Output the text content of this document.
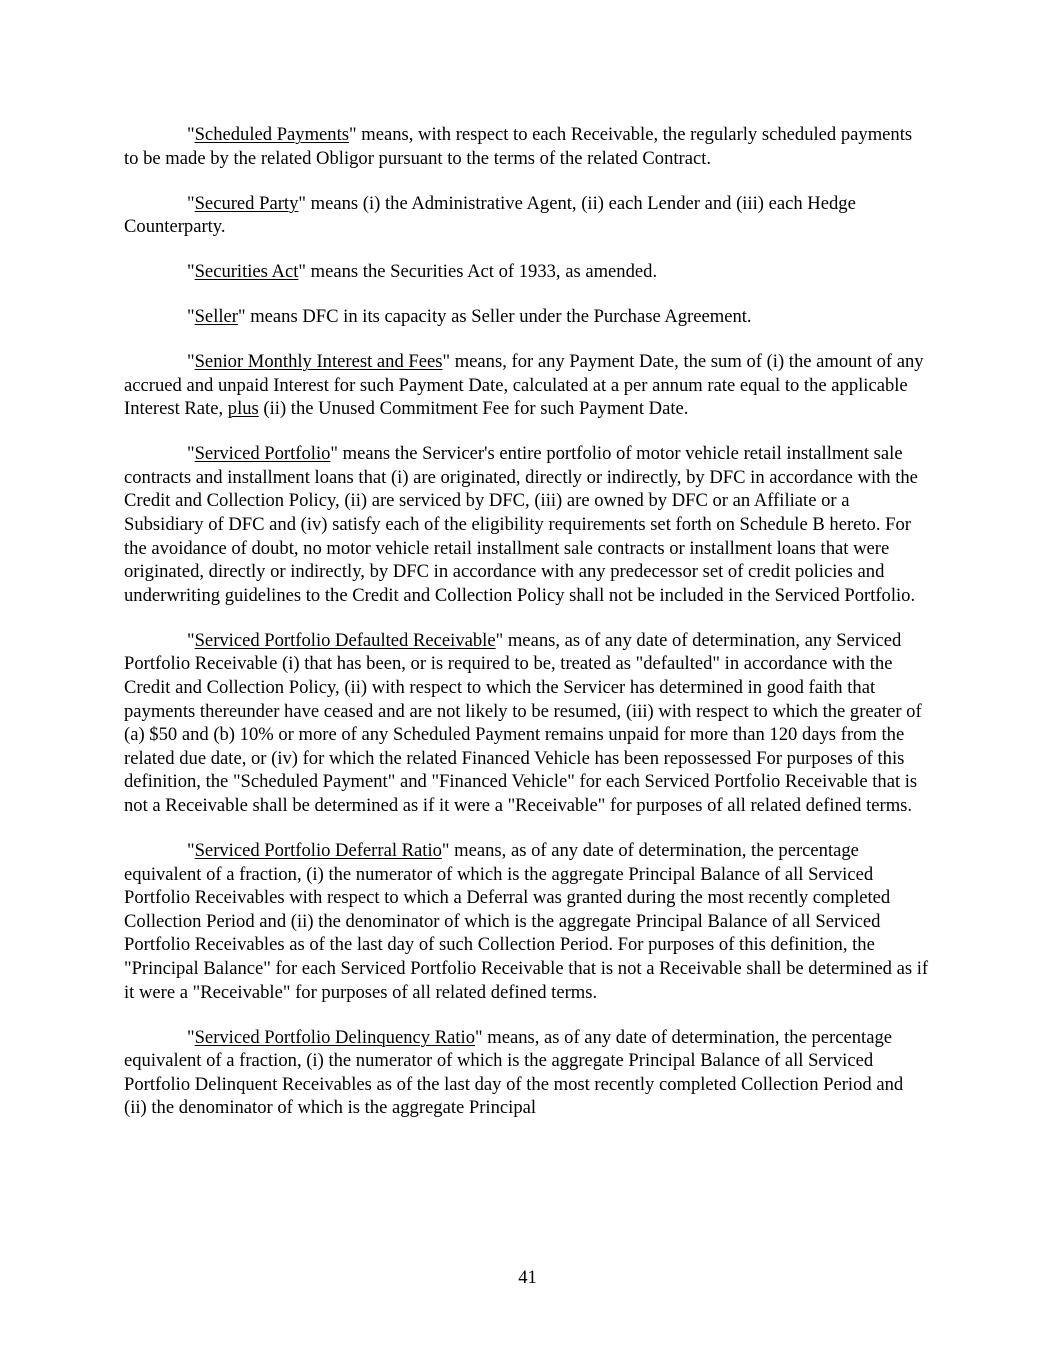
"Scheduled Payments" means, with respect to each Receivable, the regularly scheduled payments to be made by the related Obligor pursuant to the terms of the related Contract.

"Secured Party" means (i) the Administrative Agent, (ii) each Lender and (iii) each Hedge Counterparty.

"Securities Act" means the Securities Act of 1933, as amended.

"Seller" means DFC in its capacity as Seller under the Purchase Agreement.

"Senior Monthly Interest and Fees" means, for any Payment Date, the sum of (i) the amount of any accrued and unpaid Interest for such Payment Date, calculated at a per annum rate equal to the applicable Interest Rate, plus (ii) the Unused Commitment Fee for such Payment Date.

"Serviced Portfolio" means the Servicer's entire portfolio of motor vehicle retail installment sale contracts and installment loans that (i) are originated, directly or indirectly, by DFC in accordance with the Credit and Collection Policy, (ii) are serviced by DFC, (iii) are owned by DFC or an Affiliate or a Subsidiary of DFC and (iv) satisfy each of the eligibility requirements set forth on Schedule B hereto. For the avoidance of doubt, no motor vehicle retail installment sale contracts or installment loans that were originated, directly or indirectly, by DFC in accordance with any predecessor set of credit policies and underwriting guidelines to the Credit and Collection Policy shall not be included in the Serviced Portfolio.

"Serviced Portfolio Defaulted Receivable" means, as of any date of determination, any Serviced Portfolio Receivable (i) that has been, or is required to be, treated as "defaulted" in accordance with the Credit and Collection Policy, (ii) with respect to which the Servicer has determined in good faith that payments thereunder have ceased and are not likely to be resumed, (iii) with respect to which the greater of (a) $50 and (b) 10% or more of any Scheduled Payment remains unpaid for more than 120 days from the related due date, or (iv) for which the related Financed Vehicle has been repossessed For purposes of this definition, the "Scheduled Payment" and "Financed Vehicle" for each Serviced Portfolio Receivable that is not a Receivable shall be determined as if it were a "Receivable" for purposes of all related defined terms.

"Serviced Portfolio Deferral Ratio" means, as of any date of determination, the percentage equivalent of a fraction, (i) the numerator of which is the aggregate Principal Balance of all Serviced Portfolio Receivables with respect to which a Deferral was granted during the most recently completed Collection Period and (ii) the denominator of which is the aggregate Principal Balance of all Serviced Portfolio Receivables as of the last day of such Collection Period. For purposes of this definition, the "Principal Balance" for each Serviced Portfolio Receivable that is not a Receivable shall be determined as if it were a "Receivable" for purposes of all related defined terms.

"Serviced Portfolio Delinquency Ratio" means, as of any date of determination, the percentage equivalent of a fraction, (i) the numerator of which is the aggregate Principal Balance of all Serviced Portfolio Delinquent Receivables as of the last day of the most recently completed Collection Period and (ii) the denominator of which is the aggregate Principal

41
